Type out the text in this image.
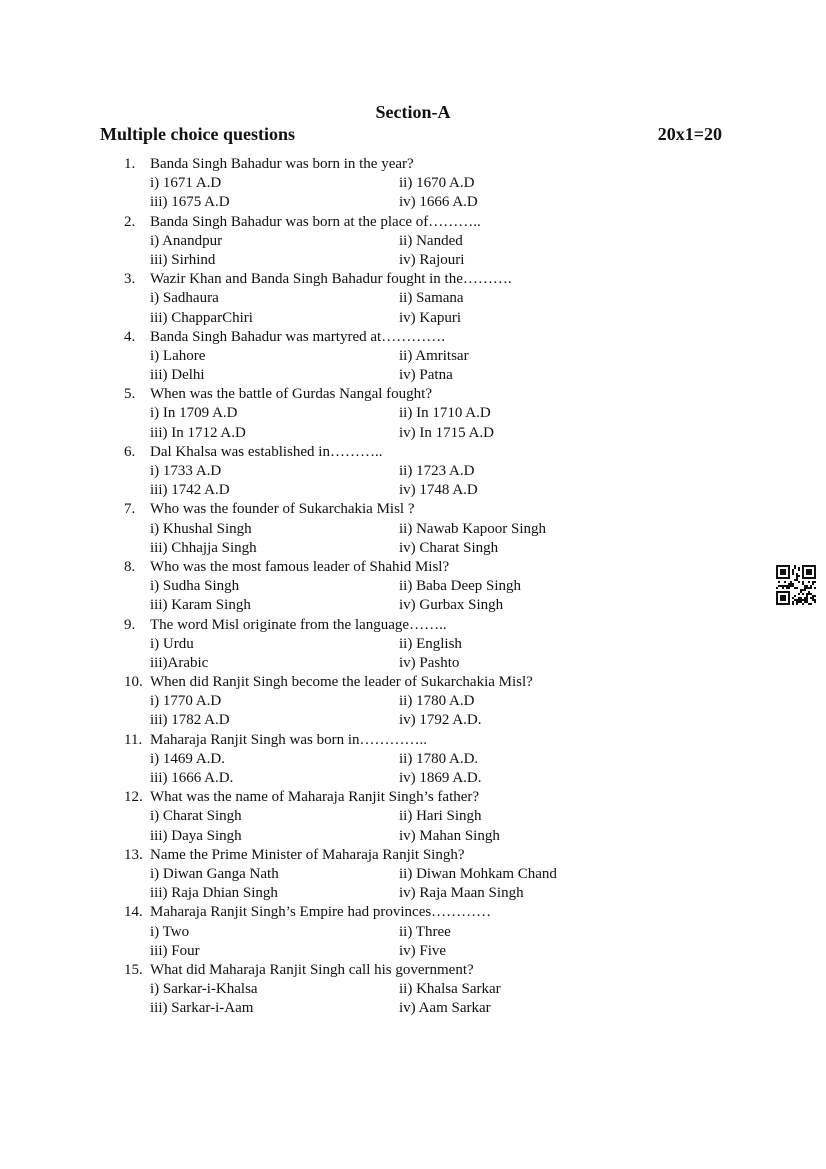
Section-A
Multiple choice questions	20x1=20
1. Banda Singh Bahadur was born in the year?
i) 1671 A.D	ii) 1670 A.D
iii) 1675 A.D	iv) 1666 A.D
2. Banda Singh Bahadur was born at the place of………..
i) Anandpur	ii) Nanded
iii) Sirhind	iv) Rajouri
3. Wazir Khan and Banda Singh Bahadur fought in the……….
i) Sadhaura	ii) Samana
iii) ChapparChiri	iv) Kapuri
4. Banda Singh Bahadur was martyred at………….
i) Lahore	ii) Amritsar
iii) Delhi	iv) Patna
5. When was the battle of Gurdas Nangal fought?
i) In 1709 A.D	ii) In 1710 A.D
iii) In 1712 A.D	iv) In 1715 A.D
6. Dal Khalsa was established in………..
i) 1733 A.D	ii) 1723 A.D
iii) 1742 A.D	iv) 1748 A.D
7. Who was the founder of Sukarchakia Misl ?
i) Khushal Singh	ii) Nawab Kapoor Singh
iii) Chhajja Singh	iv) Charat Singh
8. Who was the most famous leader of Shahid Misl?
i) Sudha Singh	ii) Baba Deep Singh
iii) Karam Singh	iv) Gurbax Singh
9. The word Misl originate from the language……..
i) Urdu	ii) English
iii)Arabic	iv) Pashto
10. When did Ranjit Singh become the leader of Sukarchakia Misl?
i) 1770 A.D	ii) 1780 A.D
iii) 1782 A.D	iv) 1792 A.D.
11. Maharaja Ranjit Singh was born in…………..
i) 1469 A.D.	ii) 1780 A.D.
iii) 1666 A.D.	iv) 1869 A.D.
12. What was the name of Maharaja Ranjit Singh’s father?
i) Charat Singh	ii) Hari Singh
iii) Daya Singh	iv) Mahan Singh
13. Name the Prime Minister of Maharaja Ranjit Singh?
i) Diwan Ganga Nath	ii) Diwan Mohkam Chand
iii) Raja Dhian Singh	iv) Raja Maan Singh
14. Maharaja Ranjit Singh’s Empire had provinces…………
i) Two	ii) Three
iii) Four	iv) Five
15. What did Maharaja Ranjit Singh call his government?
i) Sarkar-i-Khalsa	ii) Khalsa Sarkar
iii) Sarkar-i-Aam	iv) Aam Sarkar
